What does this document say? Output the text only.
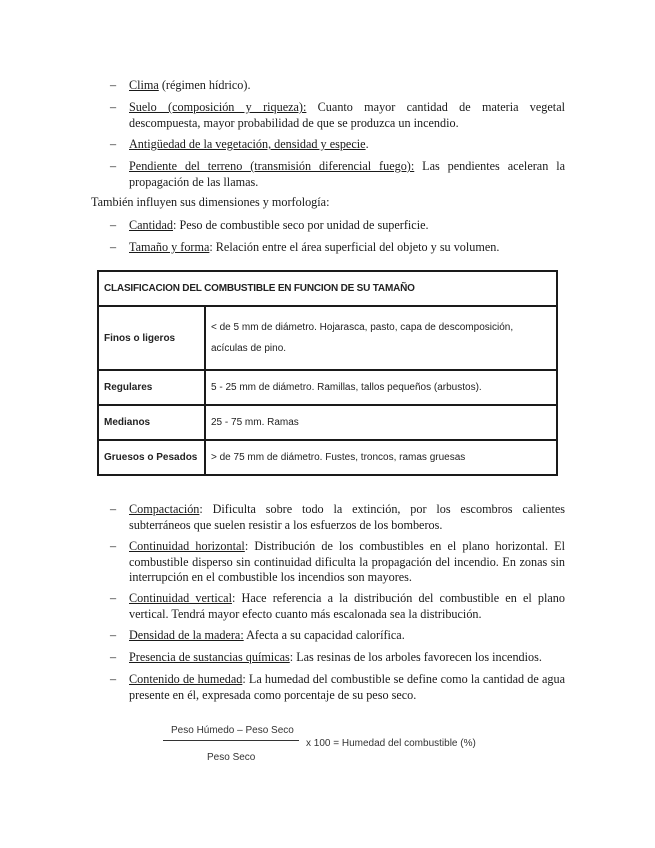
– Clima (régimen hídrico).
– Suelo (composición y riqueza): Cuanto mayor cantidad de materia vegetal descompuesta, mayor probabilidad de que se produzca un incendio.
– Antigüedad de la vegetación, densidad y especie.
– Pendiente del terreno (transmisión diferencial fuego): Las pendientes aceleran la propagación de las llamas.
También influyen sus dimensiones y morfología:
– Cantidad: Peso de combustible seco por unidad de superficie.
– Tamaño y forma: Relación entre el área superficial del objeto y su volumen.
CLASIFICACION DEL COMBUSTIBLE EN FUNCION DE SU TAMAÑO	
Finos o ligeros	< de 5 mm de diámetro. Hojarasca, pasto, capa de descomposición, acículas de pino.
Regulares	5 - 25 mm de diámetro. Ramillas, tallos pequeños (arbustos).
Medianos	25 - 75 mm. Ramas
Gruesos o Pesados	> de 75 mm de diámetro. Fustes, troncos, ramas gruesas
– Compactación: Dificulta sobre todo la extinción, por los escombros calientes subterráneos que suelen resistir a los esfuerzos de los bomberos.
– Continuidad horizontal: Distribución de los combustibles en el plano horizontal. El combustible disperso sin continuidad dificulta la propagación del incendio. En zonas sin interrupción en el combustible los incendios son mayores.
– Continuidad vertical: Hace referencia a la distribución del combustible en el plano vertical. Tendrá mayor efecto cuanto más escalonada sea la distribución.
– Densidad de la madera: Afecta a su capacidad calorífica.
– Presencia de sustancias químicas: Las resinas de los arboles favorecen los incendios.
– Contenido de humedad: La humedad del combustible se define como la cantidad de agua presente en él, expresada como porcentaje de su peso seco.
Peso Húmedo – Peso Seco
x 100 = Humedad del combustible (%)
Peso Seco
